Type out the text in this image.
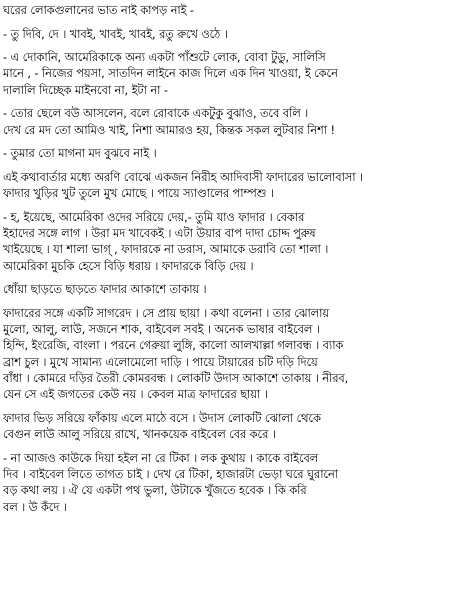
ঘরের লোকগুলানের ভাত নাই কাপড় নাই -
- তু দিবি, দে । খাবই, খাবই, খাবই, রতু রুখে ওঠে ।
- এ দোকানি, আমেরিকাকে অন্য একটা পাঁশুটে লোক, বোবা টুডু, সালিসি
মানে , - নিজের পয়সা, সাতদিন লাইনে কাজ দিলে এক দিন খাওয়া, ই কেনে
দালালি দিচ্ছেক মাইনবো না, ইটা না -
- তোর ছেলে বউ আসলেন, বলে রোবাকে একটুকু বুঝাও, তবে বলি ।
দেখ রে মদ তো আমিও খাই, নিশা আমারও হয়, কিন্তক সকল লুটবার নিশা !
- তুমার তো মাগনা মদ বুঝবে নাই ।
এই কথাবার্তার মধ্যে অরণি বোঝে একজন নিরীহ আদিবাসী ফাদারের ভালোবাসা ।
ফাদার খুড়ির খুট তুলে মুখ মোছে । পায়ে স্যাণ্ডালের পাম্পশু ।
- হ, ইয়েছে, আমেরিকা ওদের সরিয়ে দেয়,- তুমি যাও ফাদার । বেকার
ইহাদের সঙ্গে লাগ । উরা মদ খাবেকই । এটা উয়ার বাপ দাদা চোদ্দ পুরুষ
খাইয়েছে । যা শালা ভাগ্ , ফাদারকে না ডরাস, আমাকে ডরাবি তো শালা ।
আমেরিকা মুচকি হেসে বিড়ি ধরায় । ফাদারকে বিড়ি দেয় ।
ধোঁয়া ছাড়তে ছাড়তে ফাদার আকাশে তাকায় ।
ফাদারের সঙ্গে একটি সাগরেদ । সে প্রায় ছায়া । কথা বলেনা । তার ঝোলায়
মুলো, আলু, লাউ, সজনে শাক, বাইবেল সবই । অনেক ভাষার বাইবেল ।
হিন্দি, ইংরেজি, বাংলা । পরনে গেরুয়া লুঙ্গি, কালো আলখাল্লা গলাবন্ধ । ব্যাক
ব্রাশ চুল । মুখে সামান্য এলোমেলো দাড়ি । পায়ে টায়ারের চটি দড়ি দিয়ে
বাঁধা । কোমরে দড়ির তৈরী কোমরবন্ধ । লোকটি উদাস আকাশে তাকায় । নীরব,
যেন সে এই জগতের কেউ নয় । কেবল মাত্র ফাদারের ছায়া ।
ফাদার ভিড় সরিয়ে ফাঁকায় এলে মাঠে বসে । উদাস লোকটি ঝোলা থেকে
বেগুন লাউ আলু সরিয়ে রাখে, খানকয়েক বাইবেল বের করে ।
- না আজও কাউকে দিয়া হইল না রে টিকা । লক কুথায় । কাকে বাইবেল
দিব । বাইবেল লিতে তাগত চাই । দেখ রে টিকা, হাজারটা ভেড়া ঘরে ঘুরানো
বড় কথা লয় । ঐ যে একটা পথ ভুলা, উটাকে খুঁজতে হবেক । কি করি
বল । উ কঁদে ।
